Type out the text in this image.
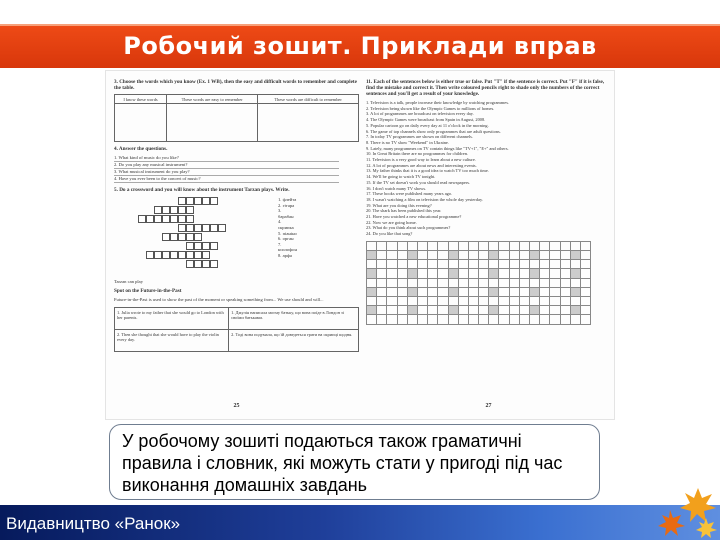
Робочий зошит. Приклади вправ
3. Choose the words which you know (Ex. 1 WB), then the easy and difficult words to remember and complete the table.
I know these words	These words are easy to remember	These words are difficult to remember

4. Answer the questions.
1. What kind of music do you like?
2. Do you play any musical instrument?
3. What musical instrument do you play?
4. Have you ever been to the concert of music?
5. Do a crossword and you will know about the instrument Tarzan plays. Write.
1. флейта
2. гітара
3. барабан
4. скрипка
5. піаніно
6. орган
7. ксилофон
8. арфа
Tarzan can play
Spot on the Future-in-the-Past
Future-in-the-Past is used to show the past of the moment or speaking something from... We use should and will...
1. Julia wrote to my father that she would go to London with her parents.	1. Джулія написала моєму батьку, що вона поїде в Лондон зі своїми батьками.
2. Then she thought that she would have to play the violin every day.	2. Тоді вона подумала, що їй доведеться грати на скрипці щодня.
25
11. Each of the sentences below is either true or false. Put "T" if the sentence is correct. Put "F" if it is false, find the mistake and correct it. Then write coloured pencils right to shade only the numbers of the correct sentences and you'll get a result of your knowledge.
1. Television is a talk, people increase their knowledge by watching programmes.
2. Television being shown like the Olympic Games to millions of homes.
3. A lot of programmes are broadcast on television every day.
4. The Olympic Games were broadcast from Spain in August, 2008.
5. Popular cartoon go on daily every day at 11 o'clock in the morning.
6. The game of top channels show only programmes that are adult questions.
7. In today TV programmes are shown on different channels.
8. There is no TV show "Weekend" in Ukraine.
9. Lately, many programmes on TV contain things like "TV+1", "E+" and others.
10. In Great Britain there are no programmes for children.
11. Television is a very good way to learn about a new culture.
12. A lot of programmes are about news and interesting events.
13. My father thinks that it is a good idea to watch TV too much time.
14. We'll be going to watch TV tonight.
15. If the TV set doesn't work you should read newspapers.
16. I don't watch many TV shows.
17. These books were published many years ago.
18. I wasn't watching a film on television the whole day yesterday.
19. What are you doing this evening?
20. The shark has been published this year.
21. Have you watched a new educational programme?
22. Now we are going home.
23. What do you think about such programmes?
24. Do you like that song?

27
У робочому зошиті подаються також граматичні правила і словник, які можуть стати у пригоді під час виконання домашніх завдань
Видавництво «Ранок»
